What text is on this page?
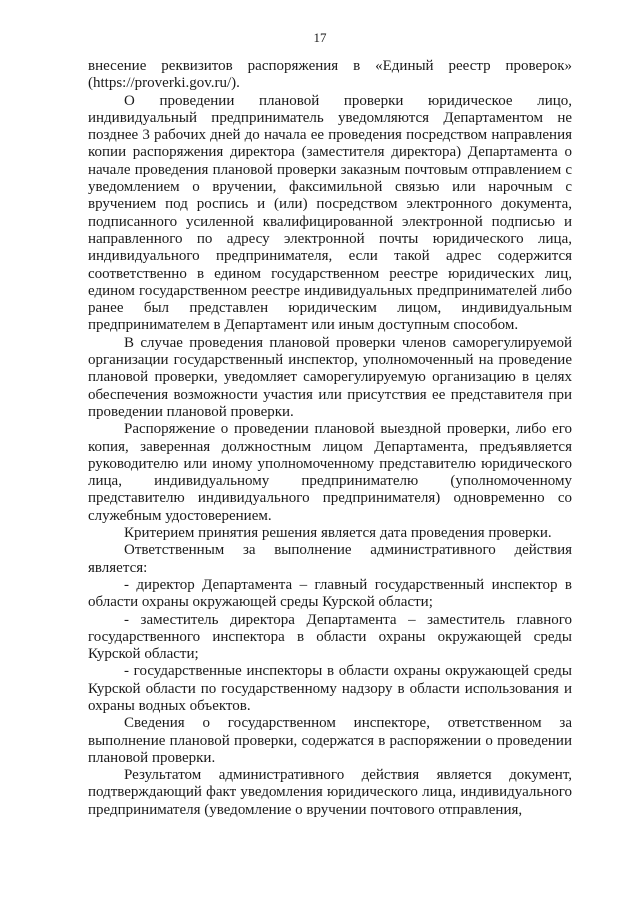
17

внесение реквизитов распоряжения в «Единый реестр проверок» (https://proverki.gov.ru/).

О проведении плановой проверки юридическое лицо, индивидуальный предприниматель уведомляются Департаментом не позднее 3 рабочих дней до начала ее проведения посредством направления копии распоряжения директора (заместителя директора) Департамента о начале проведения плановой проверки заказным почтовым отправлением с уведомлением о вручении, факсимильной связью или нарочным с вручением под роспись и (или) посредством электронного документа, подписанного усиленной квалифицированной электронной подписью и направленного по адресу электронной почты юридического лица, индивидуального предпринимателя, если такой адрес содержится соответственно в едином государственном реестре юридических лиц, едином государственном реестре индивидуальных предпринимателей либо ранее был представлен юридическим лицом, индивидуальным предпринимателем в Департамент или иным доступным способом.

В случае проведения плановой проверки членов саморегулируемой организации государственный инспектор, уполномоченный на проведение плановой проверки, уведомляет саморегулируемую организацию в целях обеспечения возможности участия или присутствия ее представителя при проведении плановой проверки.

Распоряжение о проведении плановой выездной проверки, либо его копия, заверенная должностным лицом Департамента, предъявляется руководителю или иному уполномоченному представителю юридического лица, индивидуальному предпринимателю (уполномоченному представителю индивидуального предпринимателя) одновременно со служебным удостоверением.

Критерием принятия решения является дата проведения проверки.

Ответственным за выполнение административного действия является:

- директор Департамента – главный государственный инспектор в области охраны окружающей среды Курской области;

- заместитель директора Департамента – заместитель главного государственного инспектора в области охраны окружающей среды Курской области;

- государственные инспекторы в области охраны окружающей среды Курской области по государственному надзору в области использования и охраны водных объектов.

Сведения о государственном инспекторе, ответственном за выполнение плановой проверки, содержатся в распоряжении о проведении плановой проверки.

Результатом административного действия является документ, подтверждающий факт уведомления юридического лица, индивидуального предпринимателя (уведомление о вручении почтового отправления,
